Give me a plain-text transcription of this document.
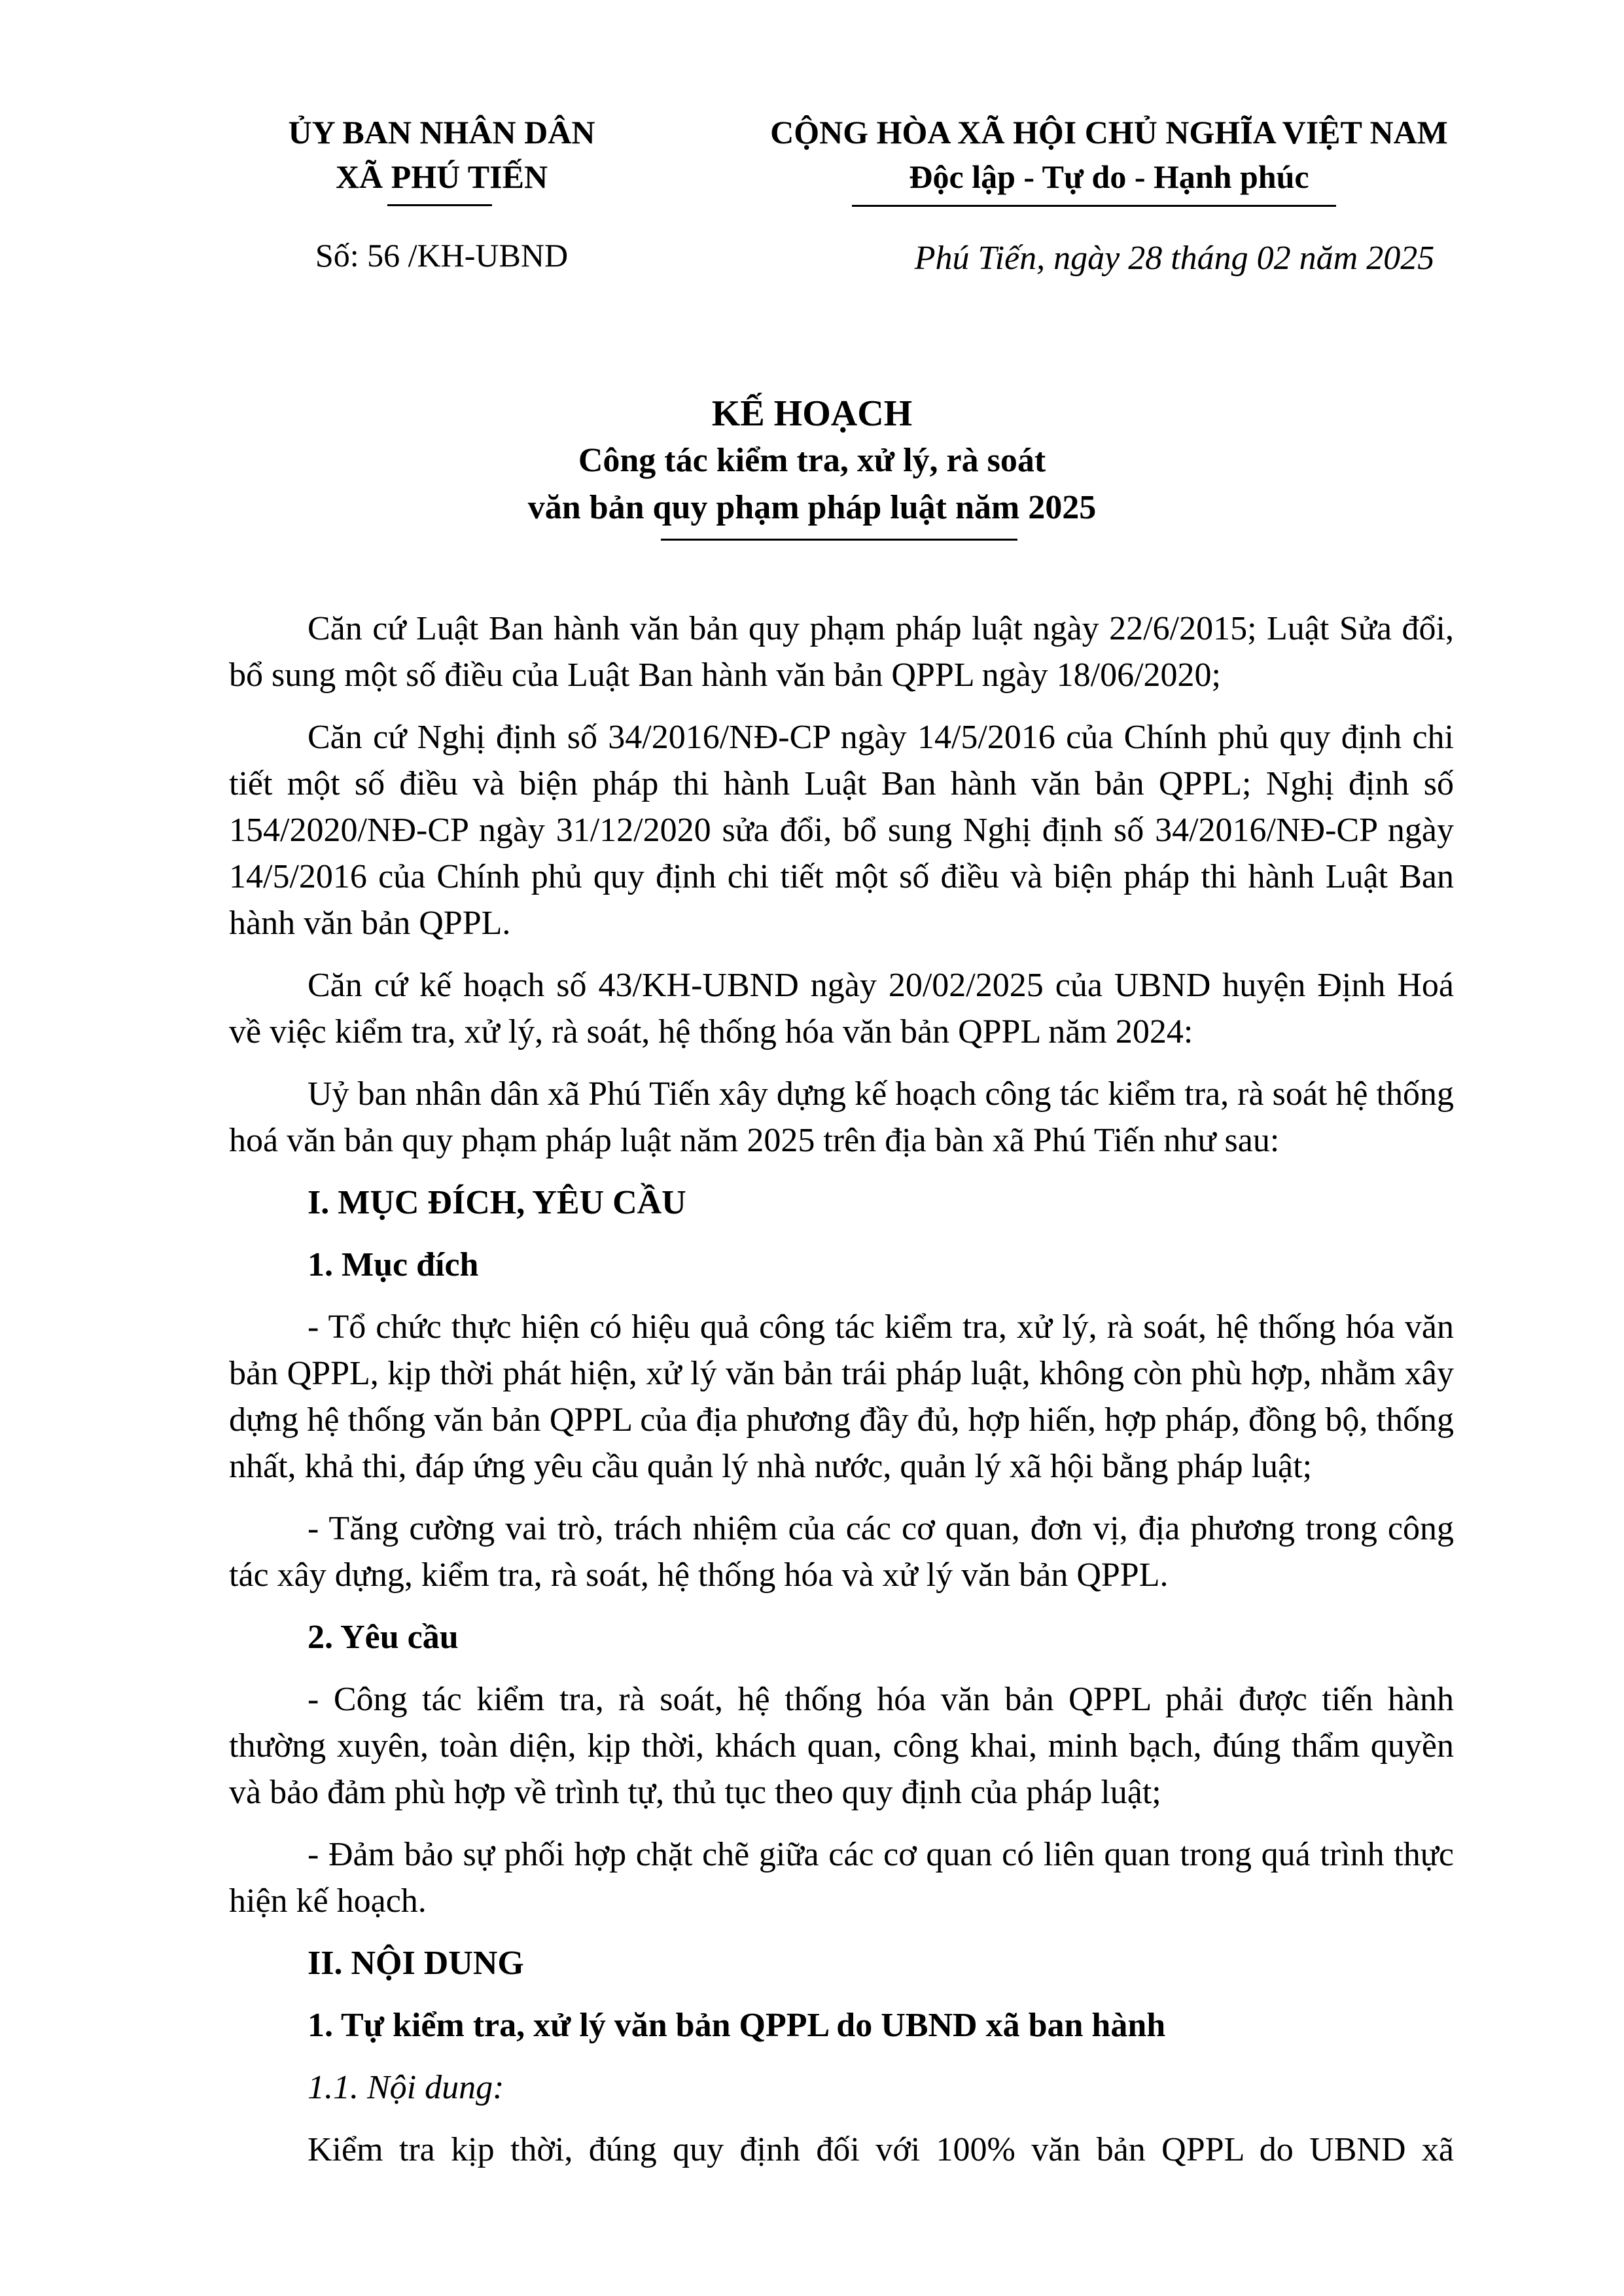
ỦY BAN NHÂN DÂN
XÃ PHÚ TIẾN
Số: 56 /KH-UBND
CỘNG HÒA XÃ HỘI CHỦ NGHĨA VIỆT NAM
Độc lập - Tự do - Hạnh phúc
Phú Tiến, ngày 28 tháng 02 năm 2025
KẾ HOẠCH
Công tác kiểm tra, xử lý, rà soát
văn bản quy phạm pháp luật năm 2025

Căn cứ Luật Ban hành văn bản quy phạm pháp luật ngày 22/6/2015; Luật Sửa đổi, bổ sung một số điều của Luật Ban hành văn bản QPPL ngày 18/06/2020;

Căn cứ Nghị định số 34/2016/NĐ-CP ngày 14/5/2016 của Chính phủ quy định chi tiết một số điều và biện pháp thi hành Luật Ban hành văn bản QPPL; Nghị định số 154/2020/NĐ-CP ngày 31/12/2020 sửa đổi, bổ sung Nghị định số 34/2016/NĐ-CP ngày 14/5/2016 của Chính phủ quy định chi tiết một số điều và biện pháp thi hành Luật Ban hành văn bản QPPL.

Căn cứ kế hoạch số 43/KH-UBND ngày 20/02/2025 của UBND huyện Định Hoá về việc kiểm tra, xử lý, rà soát, hệ thống hóa văn bản QPPL năm 2024:

Uỷ ban nhân dân xã Phú Tiến xây dựng kế hoạch công tác kiểm tra, rà soát hệ thống hoá văn bản quy phạm pháp luật năm 2025 trên địa bàn xã Phú Tiến như sau:

I. MỤC ĐÍCH, YÊU CẦU
1. Mục đích

- Tổ chức thực hiện có hiệu quả công tác kiểm tra, xử lý, rà soát, hệ thống hóa văn bản QPPL, kịp thời phát hiện, xử lý văn bản trái pháp luật, không còn phù hợp, nhằm xây dựng hệ thống văn bản QPPL của địa phương đầy đủ, hợp hiến, hợp pháp, đồng bộ, thống nhất, khả thi, đáp ứng yêu cầu quản lý nhà nước, quản lý xã hội bằng pháp luật;

- Tăng cường vai trò, trách nhiệm của các cơ quan, đơn vị, địa phương trong công tác xây dựng, kiểm tra, rà soát, hệ thống hóa và xử lý văn bản QPPL.

2. Yêu cầu

- Công tác kiểm tra, rà soát, hệ thống hóa văn bản QPPL phải được tiến hành thường xuyên, toàn diện, kịp thời, khách quan, công khai, minh bạch, đúng thẩm quyền và bảo đảm phù hợp về trình tự, thủ tục theo quy định của pháp luật;

- Đảm bảo sự phối hợp chặt chẽ giữa các cơ quan có liên quan trong quá trình thực hiện kế hoạch.

II. NỘI DUNG
1. Tự kiểm tra, xử lý văn bản QPPL do UBND xã ban hành
1.1. Nội dung:

Kiểm tra kịp thời, đúng quy định đối với 100% văn bản QPPL do UBND xã
